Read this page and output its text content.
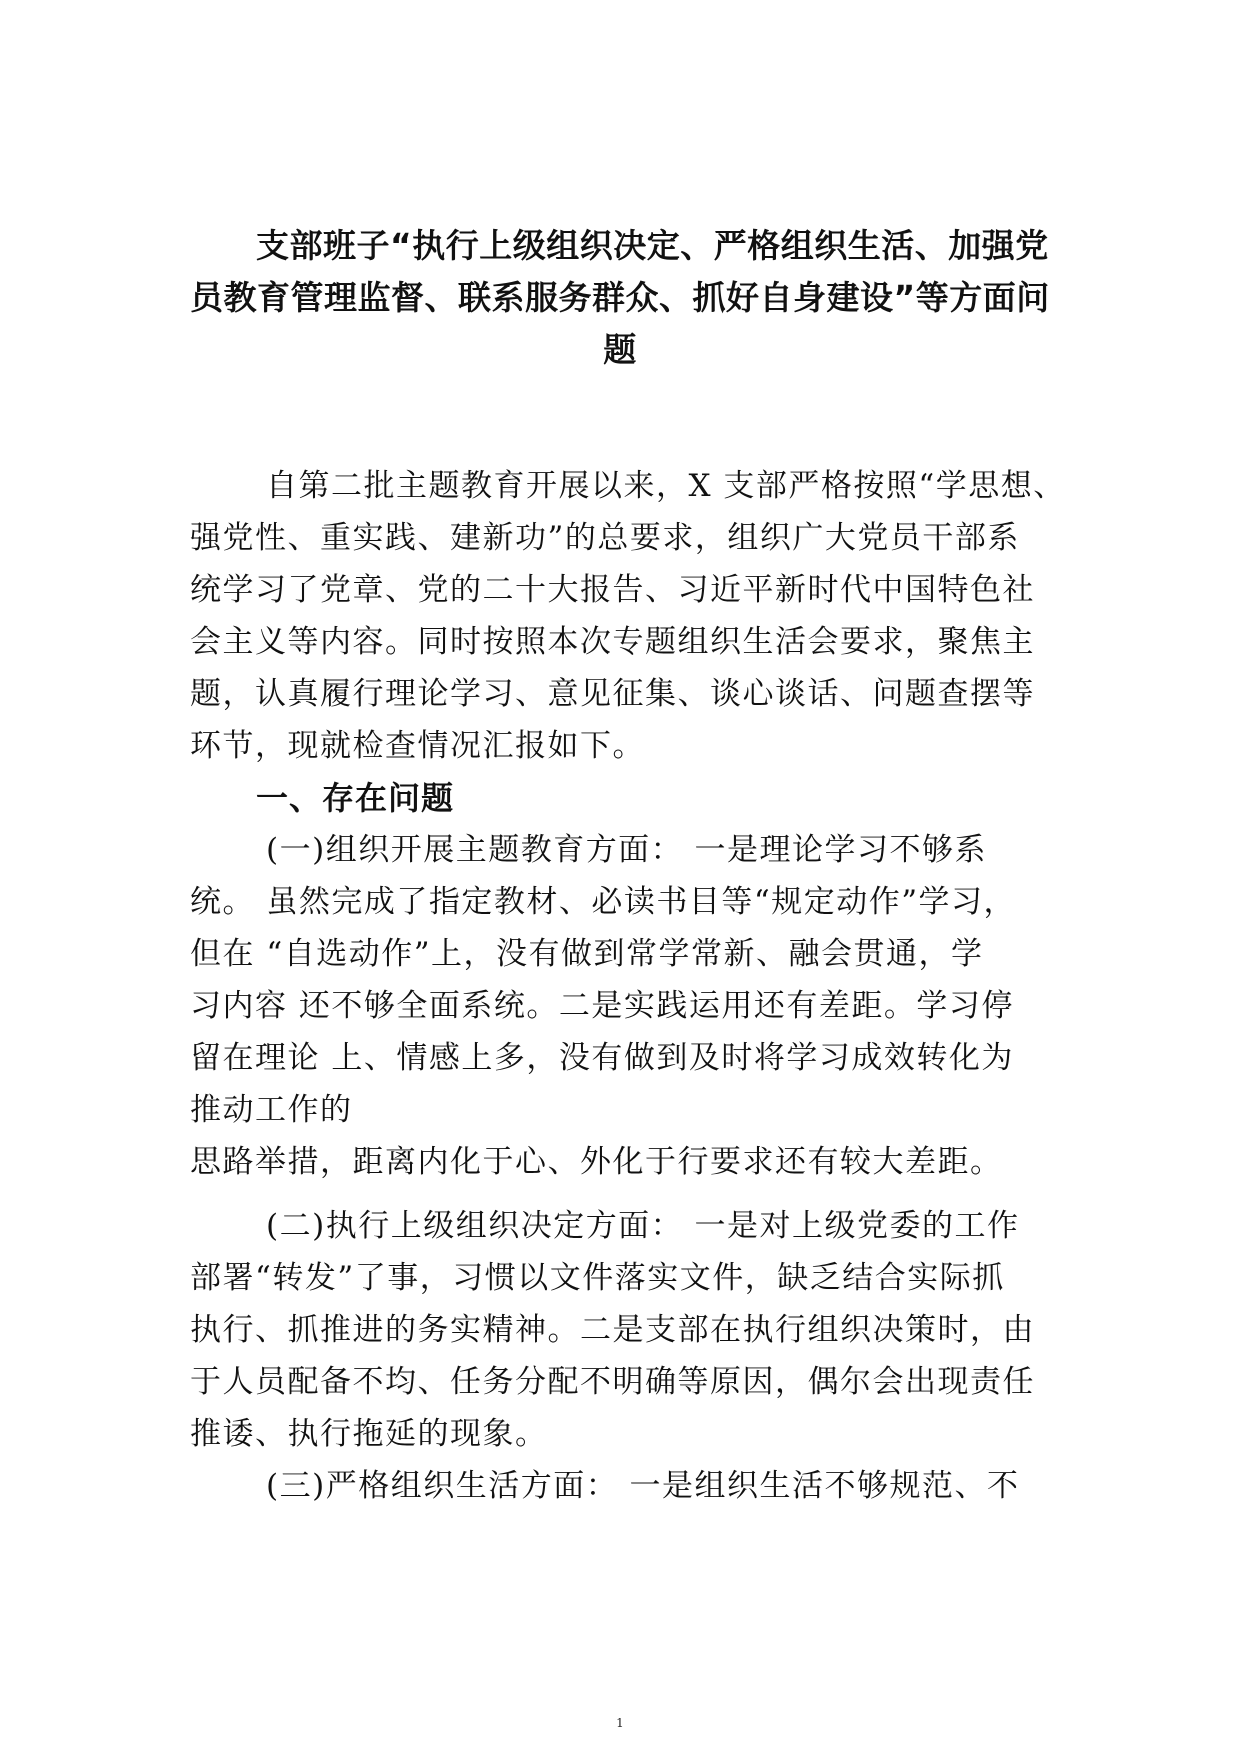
支部班子“执行上级组织决定、严格组织生活、加强党
员教育管理监督、联系服务群众、抓好自身建设”等方面问
题
自第二批主题教育开展以来，X 支部严格按照“学思想、
强党性、重实践、建新功”的总要求，组织广大党员干部系
统学习了党章、党的二十大报告、习近平新时代中国特色社
会主义等内容。同时按照本次专题组织生活会要求，聚焦主
题，认真履行理论学习、意见征集、谈心谈话、问题查摆等
环节，现就检查情况汇报如下。
一、存在问题
(一)组织开展主题教育方面： 一是理论学习不够系
统。 虽然完成了指定教材、必读书目等“规定动作”学习，
但在 “自选动作”上，没有做到常学常新、融会贯通，学
习内容 还不够全面系统。二是实践运用还有差距。学习停
留在理论 上、情感上多，没有做到及时将学习成效转化为
推动工作的
思路举措，距离内化于心、外化于行要求还有较大差距。
(二)执行上级组织决定方面： 一是对上级党委的工作
部署“转发”了事，习惯以文件落实文件，缺乏结合实际抓
执行、抓推进的务实精神。二是支部在执行组织决策时，由
于人员配备不均、任务分配不明确等原因，偶尔会出现责任
推诿、执行拖延的现象。
(三)严格组织生活方面： 一是组织生活不够规范、不
1
